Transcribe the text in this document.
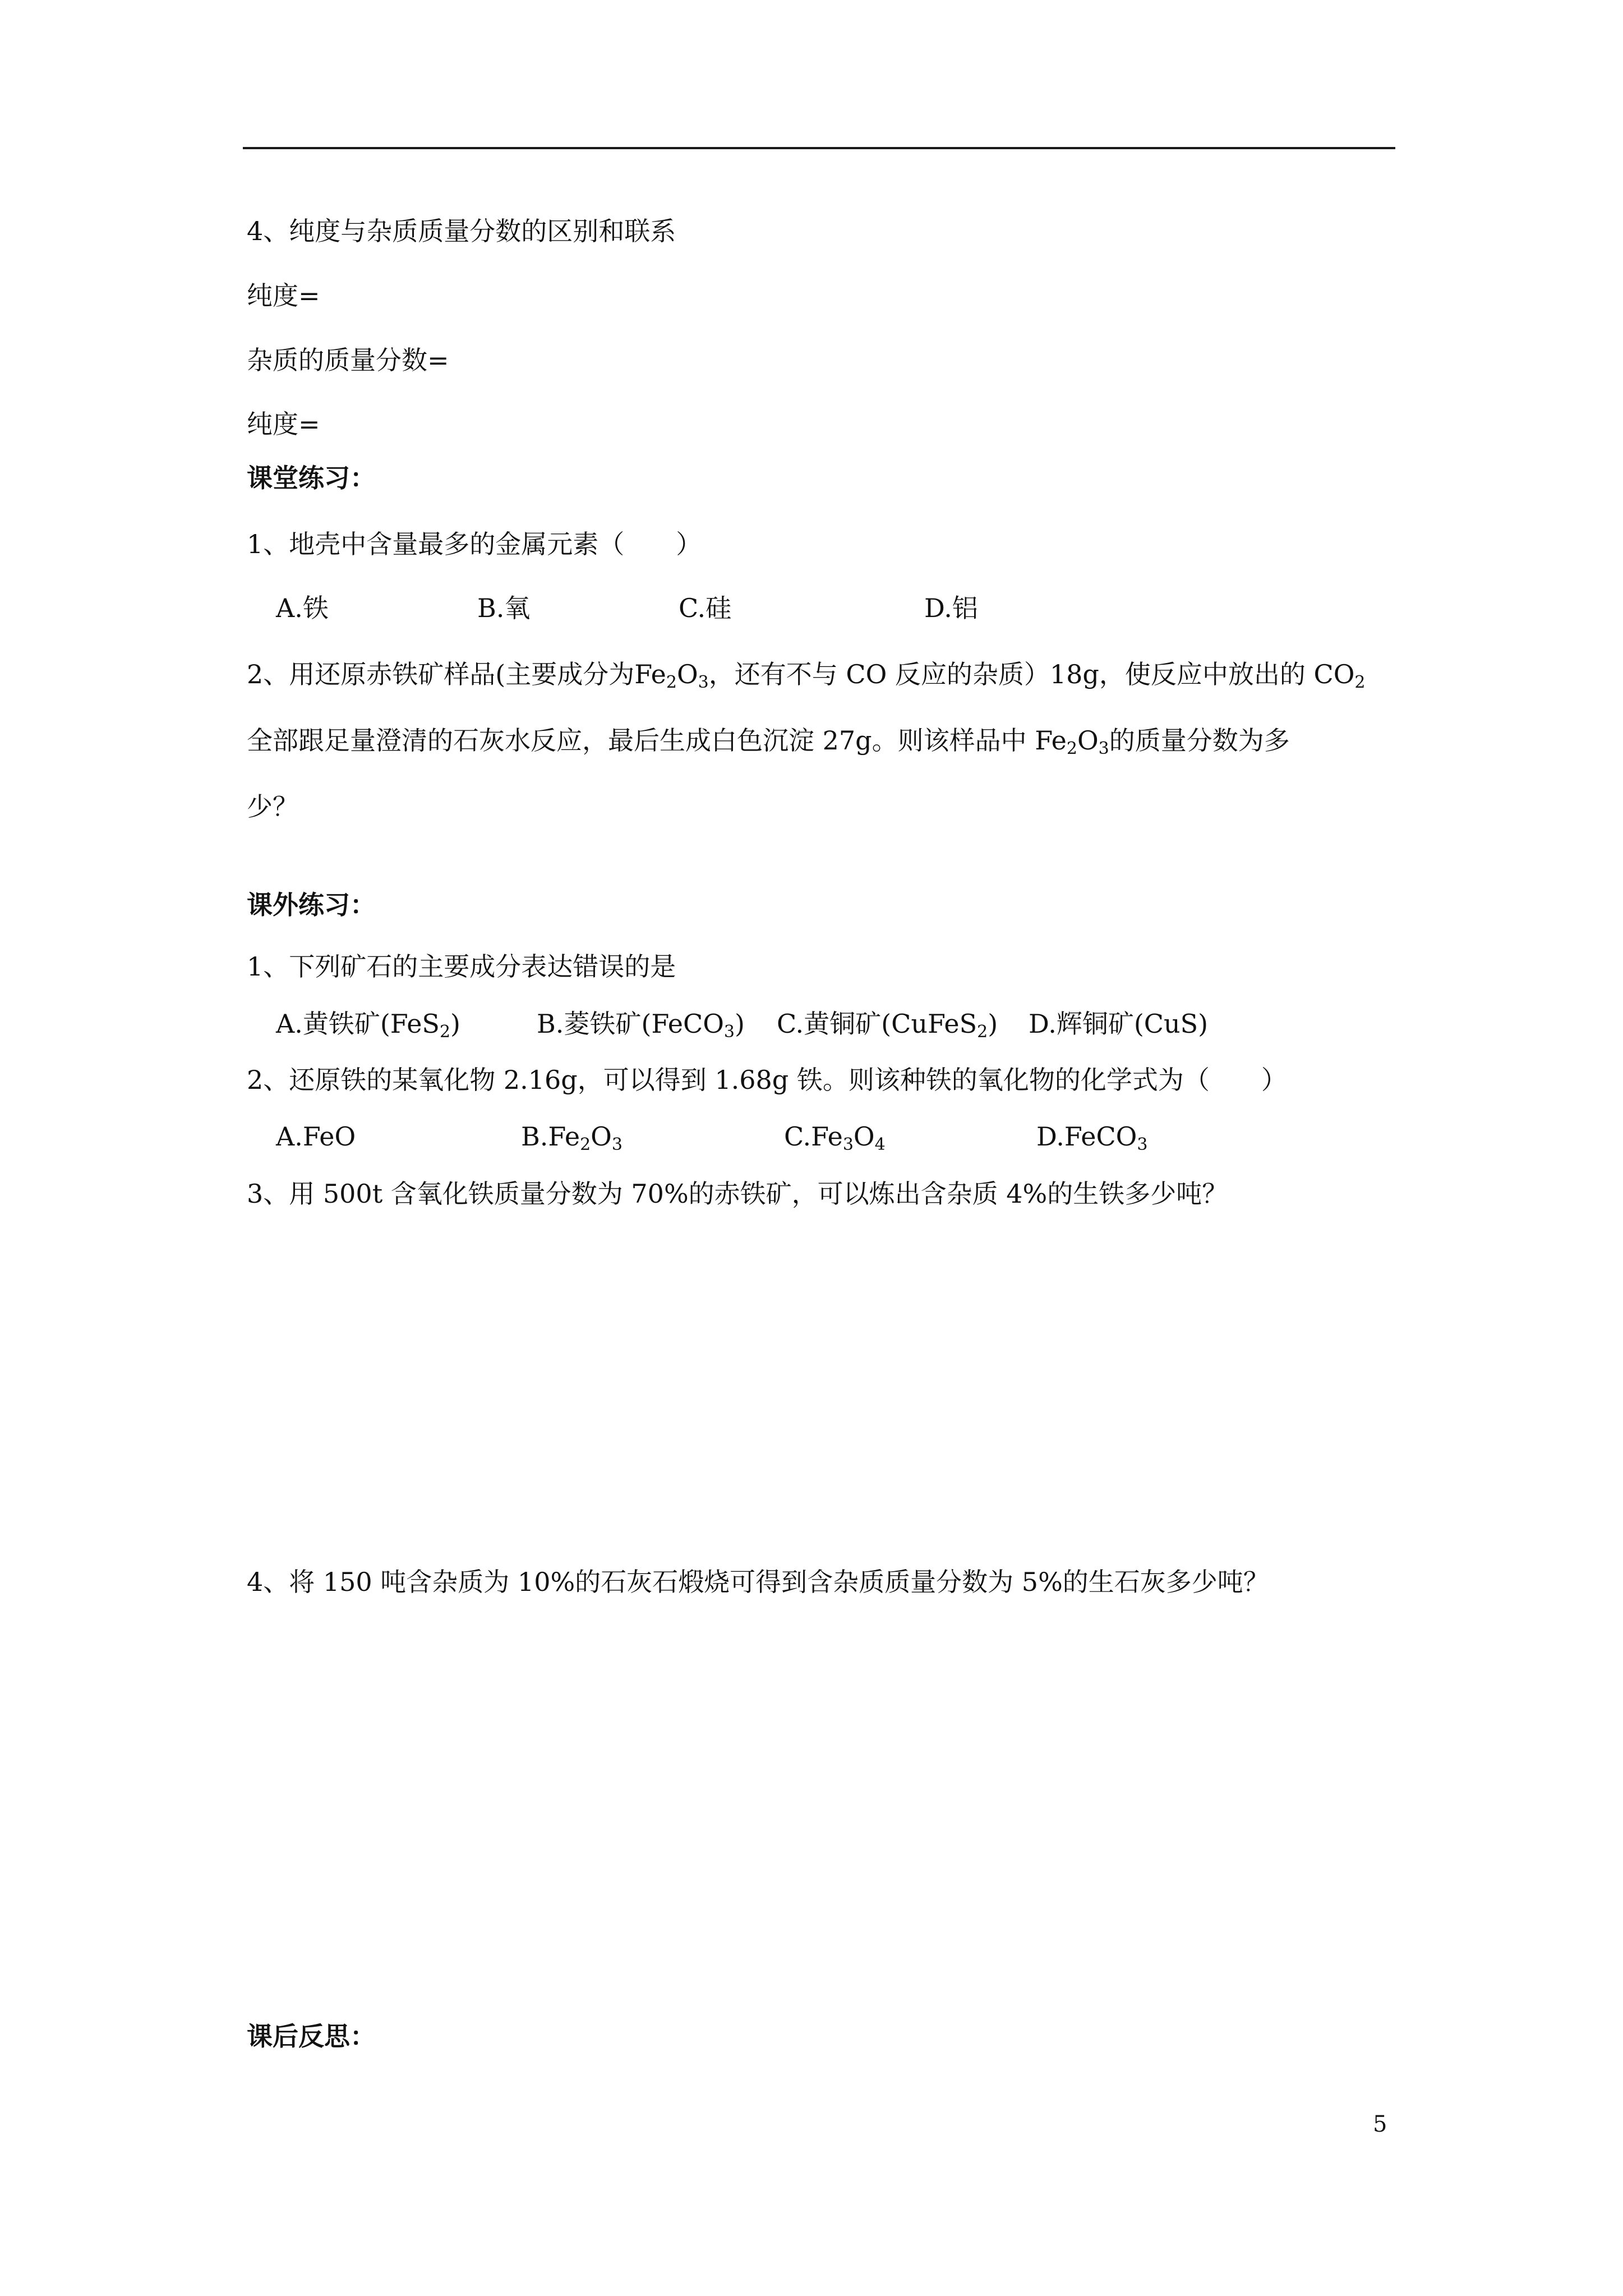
4、纯度与杂质质量分数的区别和联系

纯度=

杂质的质量分数=

纯度=

课堂练习：

1、地壳中含量最多的金属元素（　　）

A.铁	B.氧	C.硅	D.铝

2、用还原赤铁矿样品(主要成分为$Fe_2O_3$，还有不与 CO 反应的杂质）18g，使反应中放出的 $CO_2$

全部跟足量澄清的石灰水反应，最后生成白色沉淀 27g。则该样品中 $Fe_2O_3$的质量分数为多

少？

课外练习：

1、下列矿石的主要成分表达错误的是

A.黄铁矿(FeS$_2$)	B.菱铁矿(FeCO$_3$) C.黄铜矿(CuFeS$_2$) D.辉铜矿(CuS)

2、还原铁的某氧化物 2.16g，可以得到 1.68g 铁。则该种铁的氧化物的化学式为（　　）

A.FeO	$B.Fe_2O_3$	$C.Fe_3O_4$	D.FeCO$_3$

3、用 500t 含氧化铁质量分数为 70%的赤铁矿，可以炼出含杂质 4%的生铁多少吨？

4、将 150 吨含杂质为 10%的石灰石煅烧可得到含杂质质量分数为 5%的生石灰多少吨？

课后反思：

5
